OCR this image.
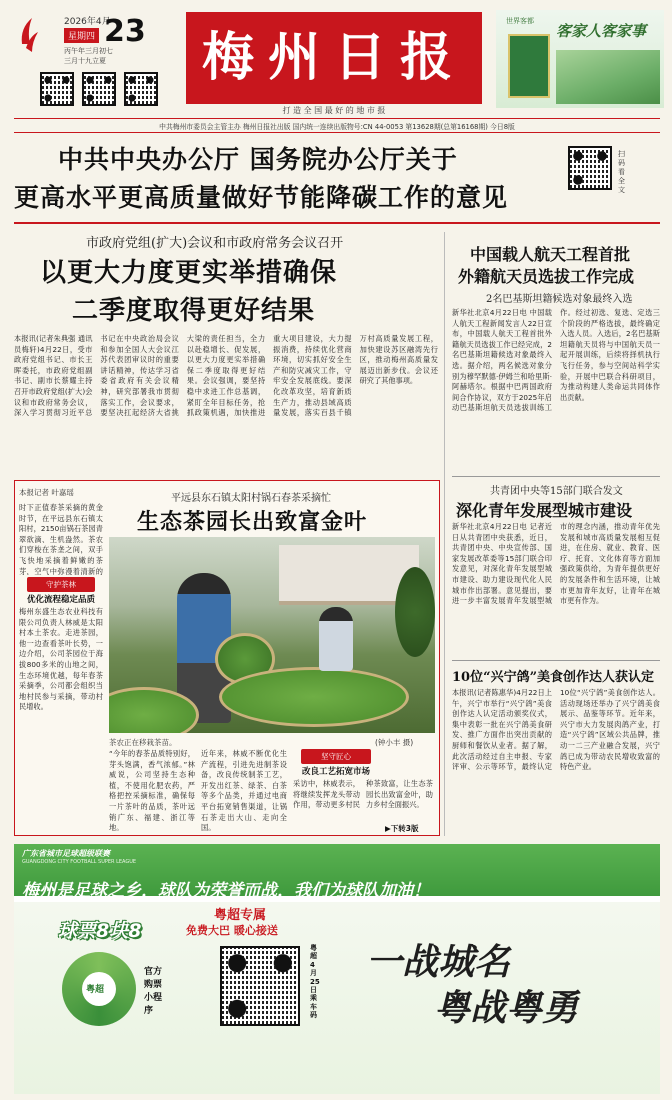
2026年4月
星期四 23
丙午年三月初七
三月十九立夏	梅州日报
打 造 全 国 最 好 的 地 市 报
客家人客家事
世界客都
中共梅州市委员会主管主办 梅州日报社出版 国内统一连续出版物号:CN 44-0053 第13628期(总第16168期) 今日8版
中共中央办公厅 国务院办公厅关于
更高水平更高质量做好节能降碳工作的意见
扫码看全文
市政府党组(扩大)会议和市政府常务会议召开
以更大力度更实举措确保
二季度取得更好结果
本报讯(记者朱典强 通讯员梅轩)4月22日，受市政府党组书记、市长王晖委托，市政府党组副书记、副市长蔡耀主持召开市政府党组(扩大)会议和市政府常务会议，深入学习贯彻习近平总书记在中央政治局会议和参加全国人大会议江苏代表团审议时的重要讲话精神，传达学习省委省政府有关会议精神，研究部署我市贯彻落实工作，会议要求，要坚决扛起经济大省挑大梁的责任担当，全力以赴稳增长、促发展，以更大力度更实举措确保二季度取得更好结果。会议强调，要坚持稳中求进工作总基调，紧盯全年目标任务，抢抓政策机遇，加快推进重大项目建设，大力提振消费，持续优化营商环境，切实抓好安全生产和防灾减灾工作，守牢安全发展底线。要深化改革攻坚，培育新质生产力，推动县域高质量发展，落实百县千镇万村高质量发展工程，加快建设苏区融湾先行区，推动梅州高质量发展迈出新步伐。会议还研究了其他事项。
中国载人航天工程首批
外籍航天员选拔工作完成
2名巴基斯坦籍候选对象最终入选
新华社北京4月22日电 中国载人航天工程新闻发言人22日宣布，中国载人航天工程首批外籍航天员选拔工作已经完成，2名巴基斯坦籍候选对象最终入选。据介绍，两名候选对象分别为穆罕默德·伊姆兰和哈里斯·阿赫塔尔。根据中巴两国政府间合作协议，双方于2025年启动巴基斯坦航天员选拔训练工作。经过初选、复选、定选三个阶段的严格选拔，最终确定入选人员。入选后，2名巴基斯坦籍航天员将与中国航天员一起开展训练，后续将择机执行飞行任务，参与空间站科学实验，开展中巴联合科研项目，为推动构建人类命运共同体作出贡献。
共青团中央等15部门联合发文
深化青年发展型城市建设
新华社北京4月22日电 记者近日从共青团中央获悉，近日，共青团中央、中央宣传部、国家发展改革委等15部门联合印发意见，对深化青年发展型城市建设、助力建设现代化人民城市作出部署。意见提出，要进一步丰富发展青年发展型城市的理念内涵，推动青年优先发展和城市高质量发展相互促进，在住房、就业、教育、医疗、托育、文化体育等方面加强政策供给，为青年提供更好的发展条件和生活环境，让城市更加青年友好，让青年在城市更有作为。
10位“兴宁鸽”美食创作达人获认定
本报讯(记者陈惠华)4月22日上午，兴宁市举行“兴宁鸽”美食创作达人认定活动颁奖仪式，集中表彰一批在兴宁鸽美食研发、推广方面作出突出贡献的厨师和餐饮从业者。据了解，此次活动经过自主申报、专家评审、公示等环节，最终认定10位“兴宁鸽”美食创作达人。活动现场还举办了兴宁鸽美食展示、品鉴等环节。近年来，兴宁市大力发展肉鸽产业，打造“兴宁鸽”区域公共品牌，推动一二三产业融合发展，兴宁鸽已成为带动农民增收致富的特色产业。
本报记者 叶嘉瑶
时下正值春茶采摘的黄金时节，在平远县东石镇太阳村，2150亩锅石茶园青翠欲滴、生机盎然。茶农们穿梭在茶垄之间，双手飞快地采摘着鲜嫩的茶芽，空气中弥漫着清新的
守护茶林
优化流程稳定品质
梅州东盛生态农业科技有限公司负责人林威是太阳村本土茶农。走进茶园，他一边查看茶叶长势，一边介绍，公司茶园位于海拔800多米的山地之间，生态环境优越，每年春茶采摘季，公司都会组织当地村民参与采摘，带动村民增收。
平远县东石镇太阳村锅石春茶采摘忙
生态茶园长出致富金叶
茶农正在移栽茶苗。	(钟小丰 摄)
“今年的春茶品质特别好，芽头饱满，香气浓郁。”林威说，公司坚持生态种植，不使用化肥农药，严格把控采摘标准，确保每一片茶叶的品质，茶叶远销广东、福建、浙江等地。
近年来，林威不断优化生产流程，引进先进制茶设备，改良传统制茶工艺，开发出红茶、绿茶、白茶等多个品类，并通过电商平台拓宽销售渠道，让锅石茶走出大山、走向全国。
坚守匠心
改良工艺拓宽市场
采访中，林威表示，将继续发挥龙头带动作用，带动更多村民种茶致富，让生态茶园长出致富金叶，助力乡村全面振兴。
▶下转3版
广东省城市足球超级联赛
GUANGDONG CITY FOOTBALL SUPER LEAGUE
梅州是足球之乡，球队为荣誉而战，我们为球队加油！
球票8块8
粤超
官方购票小程序
粤超专属
免费大巴 暖心接送
粤超4月25日乘车码
一战城名
粤战粤勇
